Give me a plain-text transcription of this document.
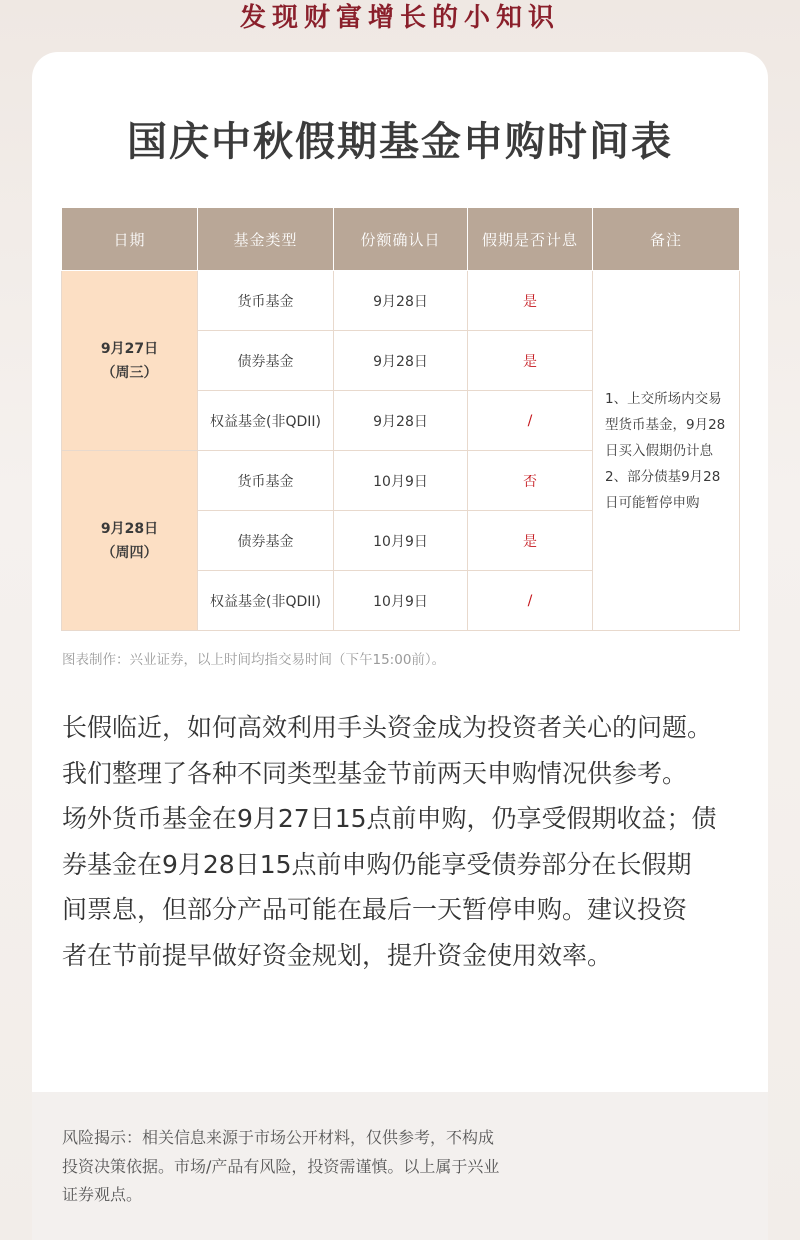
发现财富增长的小知识
国庆中秋假期基金申购时间表
日期	基金类型	份额确认日	假期是否计息	备注

9月27日
（周三）	货币基金	9月28日	是	1、上交所场内交易
型货币基金，9月28
日买入假期仍计息
2、部分债基9月28
日可能暂停申购

	债券基金	9月28日	是	
	权益基金(非QDII)	9月28日	/	

9月28日
（周四）	货币基金	10月9日	否	
	债券基金	10月9日	是	
	权益基金(非QDII)	10月9日	/	
图表制作：兴业证券，以上时间均指交易时间（下午15:00前）。
长假临近，如何高效利用手头资金成为投资者关心的问题。
我们整理了各种不同类型基金节前两天申购情况供参考。
场外货币基金在9月27日15点前申购，仍享受假期收益；债
券基金在9月28日15点前申购仍能享受债券部分在长假期
间票息，但部分产品可能在最后一天暂停申购。建议投资
者在节前提早做好资金规划，提升资金使用效率。
风险揭示：相关信息来源于市场公开材料，仅供参考，不构成
投资决策依据。市场/产品有风险，投资需谨慎。以上属于兴业
证券观点。
